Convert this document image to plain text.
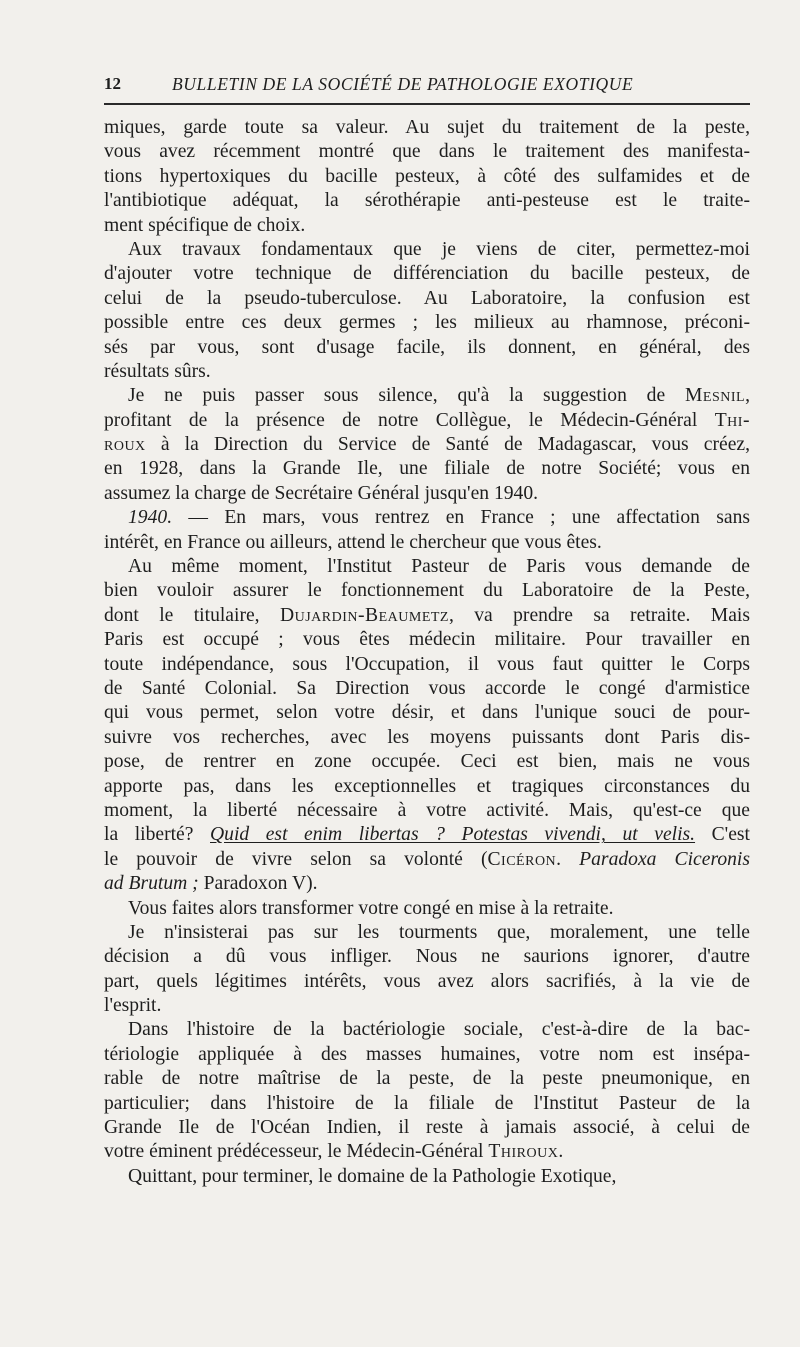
12	BULLETIN DE LA SOCIÉTÉ DE PATHOLOGIE EXOTIQUE
miques, garde toute sa valeur. Au sujet du traitement de la peste,
vous avez récemment montré que dans le traitement des manifesta-
tions hypertoxiques du bacille pesteux, à côté des sulfamides et de
l'antibiotique adéquat, la sérothérapie anti-pesteuse est le traite-
ment spécifique de choix.
Aux travaux fondamentaux que je viens de citer, permettez-moi
d'ajouter votre technique de différenciation du bacille pesteux, de
celui de la pseudo-tuberculose. Au Laboratoire, la confusion est
possible entre ces deux germes ; les milieux au rhamnose, préconi-
sés par vous, sont d'usage facile, ils donnent, en général, des
résultats sûrs.
Je ne puis passer sous silence, qu'à la suggestion de Mesnil,
profitant de la présence de notre Collègue, le Médecin-Général Thi-
roux à la Direction du Service de Santé de Madagascar, vous créez,
en 1928, dans la Grande Ile, une filiale de notre Société; vous en
assumez la charge de Secrétaire Général jusqu'en 1940.
1940. — En mars, vous rentrez en France ; une affectation sans
intérêt, en France ou ailleurs, attend le chercheur que vous êtes.
Au même moment, l'Institut Pasteur de Paris vous demande de
bien vouloir assurer le fonctionnement du Laboratoire de la Peste,
dont le titulaire, Dujardin-Beaumetz, va prendre sa retraite. Mais
Paris est occupé ; vous êtes médecin militaire. Pour travailler en
toute indépendance, sous l'Occupation, il vous faut quitter le Corps
de Santé Colonial. Sa Direction vous accorde le congé d'armistice
qui vous permet, selon votre désir, et dans l'unique souci de pour-
suivre vos recherches, avec les moyens puissants dont Paris dis-
pose, de rentrer en zone occupée. Ceci est bien, mais ne vous
apporte pas, dans les exceptionnelles et tragiques circonstances du
moment, la liberté nécessaire à votre activité. Mais, qu'est-ce que
la liberté? Quid est enim libertas ? Potestas vivendi, ut velis. C'est
le pouvoir de vivre selon sa volonté (Cicéron. Paradoxa Ciceronis
ad Brutum ; Paradoxon V).
Vous faites alors transformer votre congé en mise à la retraite.
Je n'insisterai pas sur les tourments que, moralement, une telle
décision a dû vous infliger. Nous ne saurions ignorer, d'autre
part, quels légitimes intérêts, vous avez alors sacrifiés, à la vie de
l'esprit.
Dans l'histoire de la bactériologie sociale, c'est-à-dire de la bac-
tériologie appliquée à des masses humaines, votre nom est insépa-
rable de notre maîtrise de la peste, de la peste pneumonique, en
particulier; dans l'histoire de la filiale de l'Institut Pasteur de la
Grande Ile de l'Océan Indien, il reste à jamais associé, à celui de
votre éminent prédécesseur, le Médecin-Général Thiroux.
Quittant, pour terminer, le domaine de la Pathologie Exotique,
